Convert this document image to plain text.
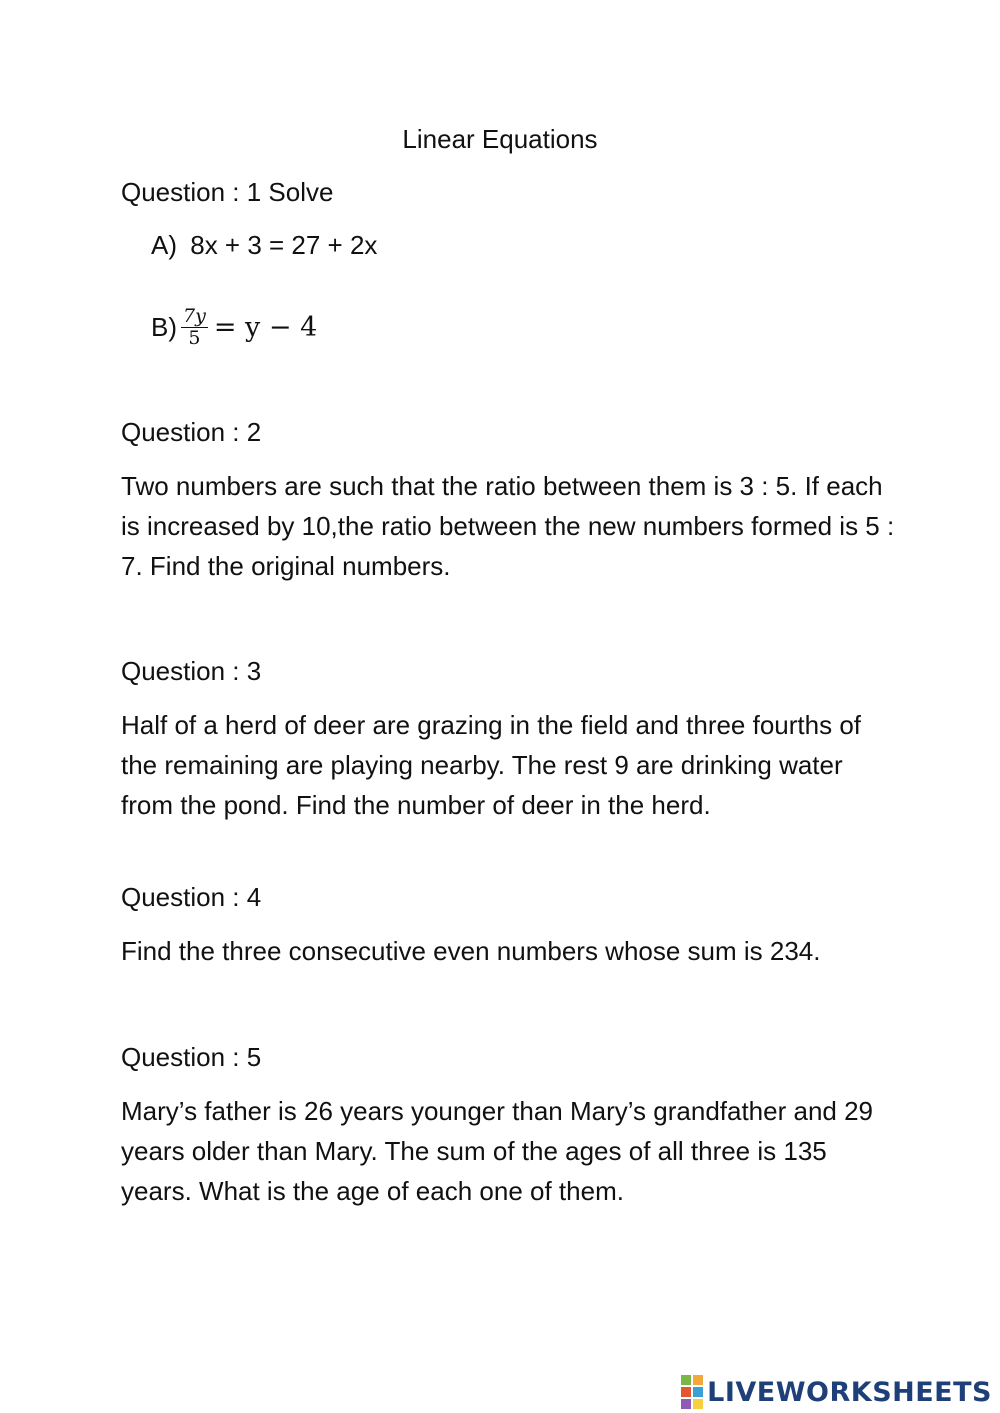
Linear Equations
Question : 1 Solve
A) 8x + 3 = 27 + 2x
$B) \frac{7y}{5} = y - 4$
Question : 2
Two numbers are such that the ratio between them is 3 : 5. If each is increased by 10,the ratio between the new numbers formed is 5 : 7. Find the original numbers.
Question : 3
Half of a herd of deer are grazing in the field and three fourths of the remaining are playing nearby. The rest 9 are drinking water from the pond. Find the number of deer in the herd.
Question : 4
Find the three consecutive even numbers whose sum is 234.
Question : 5
Mary’s father is 26 years younger than Mary’s grandfather and 29 years older than Mary. The sum of the ages of all three is 135 years. What is the age of each one of them.
LIVEWORKSHEETS
